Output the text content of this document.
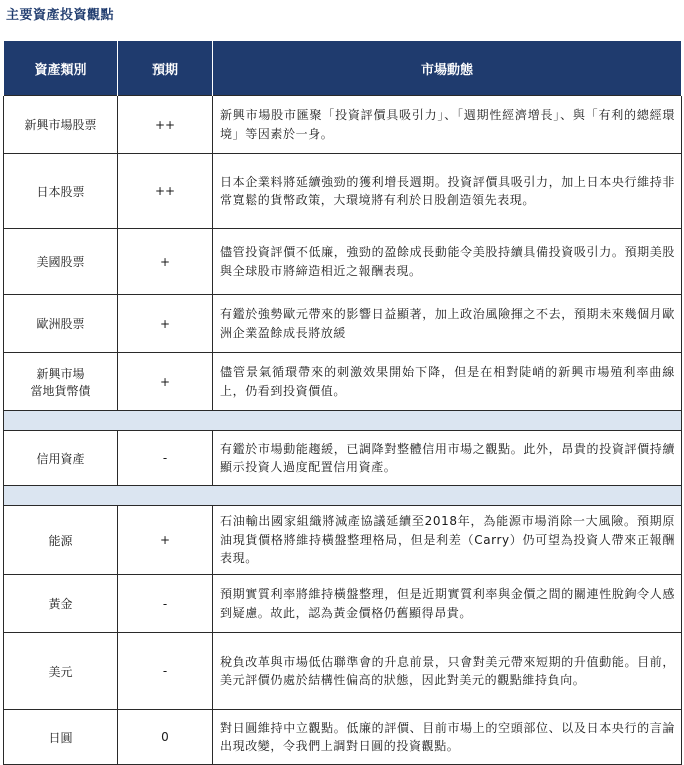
主要資產投資觀點
資產類別	預期	市場動態
新興市場股票	++	新興市場股市匯聚「投資評價具吸引力」、「週期性經濟增長」、與「有利的總經環境」等因素於一身。
日本股票	++	日本企業料將延續強勁的獲利增長週期。投資評價具吸引力，加上日本央行維持非常寬鬆的貨幣政策，大環境將有利於日股創造領先表現。
美國股票	+	儘管投資評價不低廉，強勁的盈餘成長動能令美股持續具備投資吸引力。預期美股與全球股市將締造相近之報酬表現。
歐洲股票	+	有鑑於強勢歐元帶來的影響日益顯著，加上政治風險揮之不去，預期未來幾個月歐洲企業盈餘成長將放緩

新興市場
當地貨幣債	+	儘管景氣循環帶來的刺激效果開始下降，但是在相對陡峭的新興市場殖利率曲線上，仍看到投資價值。

信用資產	-	有鑑於市場動能趨緩，已調降對整體信用市場之觀點。此外，昂貴的投資評價持續顯示投資人過度配置信用資產。

能源	+	石油輸出國家組織將減產協議延續至2018年，為能源市場消除一大風險。預期原油現貨價格將維持橫盤整理格局，但是利差（Carry）仍可望為投資人帶來正報酬表現。
黃金	-	預期實質利率將維持橫盤整理，但是近期實質利率與金價之間的關連性脫鉤令人感到疑慮。故此，認為黃金價格仍舊顯得昂貴。
美元	-	稅負改革與市場低估聯準會的升息前景，只會對美元帶來短期的升值動能。目前，美元評價仍處於結構性偏高的狀態，因此對美元的觀點維持負向。
日圓	0	對日圓維持中立觀點。低廉的評價、目前市場上的空頭部位、以及日本央行的言論出現改變，令我們上調對日圓的投資觀點。
